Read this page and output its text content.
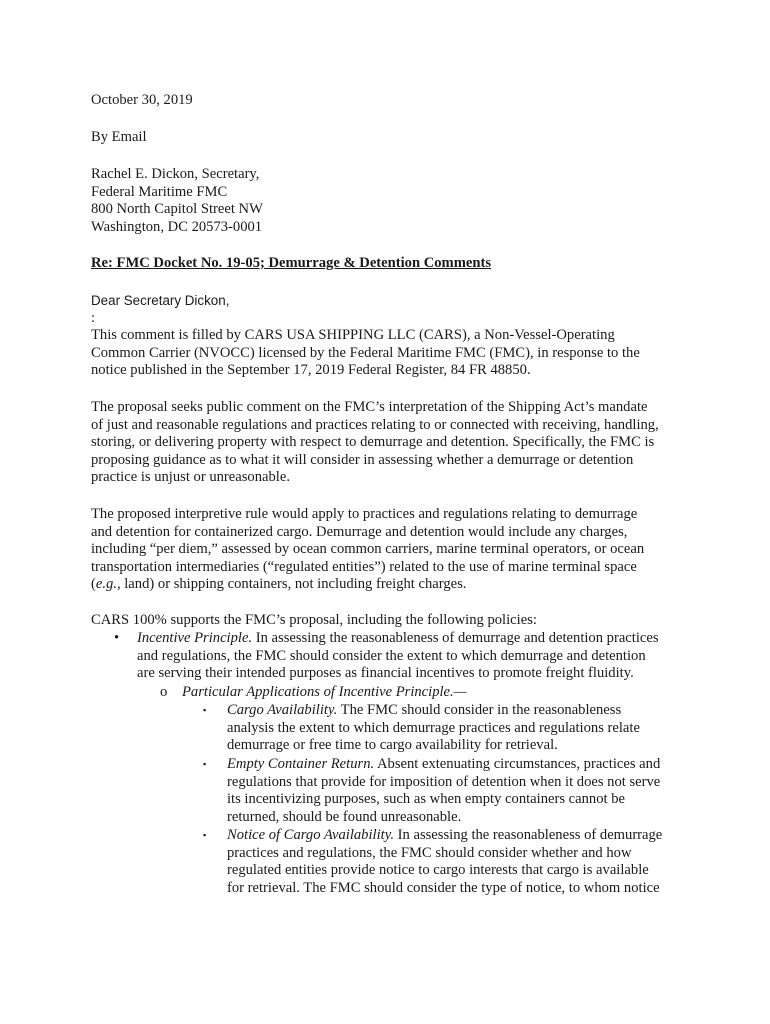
October 30, 2019
By Email
Rachel E. Dickon, Secretary,
Federal Maritime FMC
800 North Capitol Street NW
Washington, DC 20573-0001
Re: FMC Docket No. 19-05; Demurrage & Detention Comments
Dear Secretary Dickon,
:
This comment is filled by CARS USA SHIPPING LLC (CARS), a Non-Vessel-Operating
Common Carrier (NVOCC) licensed by the Federal Maritime FMC (FMC), in response to the
notice published in the September 17, 2019 Federal Register, 84 FR 48850.
The proposal seeks public comment on the FMC’s interpretation of the Shipping Act’s mandate
of just and reasonable regulations and practices relating to or connected with receiving, handling,
storing, or delivering property with respect to demurrage and detention. Specifically, the FMC is
proposing guidance as to what it will consider in assessing whether a demurrage or detention
practice is unjust or unreasonable.
The proposed interpretive rule would apply to practices and regulations relating to demurrage
and detention for containerized cargo. Demurrage and detention would include any charges,
including “per diem,” assessed by ocean common carriers, marine terminal operators, or ocean
transportation intermediaries (“regulated entities”) related to the use of marine terminal space
(e.g., land) or shipping containers, not including freight charges.
CARS 100% supports the FMC’s proposal, including the following policies:
• Incentive Principle. In assessing the reasonableness of demurrage and detention practices
and regulations, the FMC should consider the extent to which demurrage and detention
are serving their intended purposes as financial incentives to promote freight fluidity.
o Particular Applications of Incentive Principle.—
▪ Cargo Availability. The FMC should consider in the reasonableness
analysis the extent to which demurrage practices and regulations relate
demurrage or free time to cargo availability for retrieval.
▪ Empty Container Return. Absent extenuating circumstances, practices and
regulations that provide for imposition of detention when it does not serve
its incentivizing purposes, such as when empty containers cannot be
returned, should be found unreasonable.
▪ Notice of Cargo Availability. In assessing the reasonableness of demurrage
practices and regulations, the FMC should consider whether and how
regulated entities provide notice to cargo interests that cargo is available
for retrieval. The FMC should consider the type of notice, to whom notice
